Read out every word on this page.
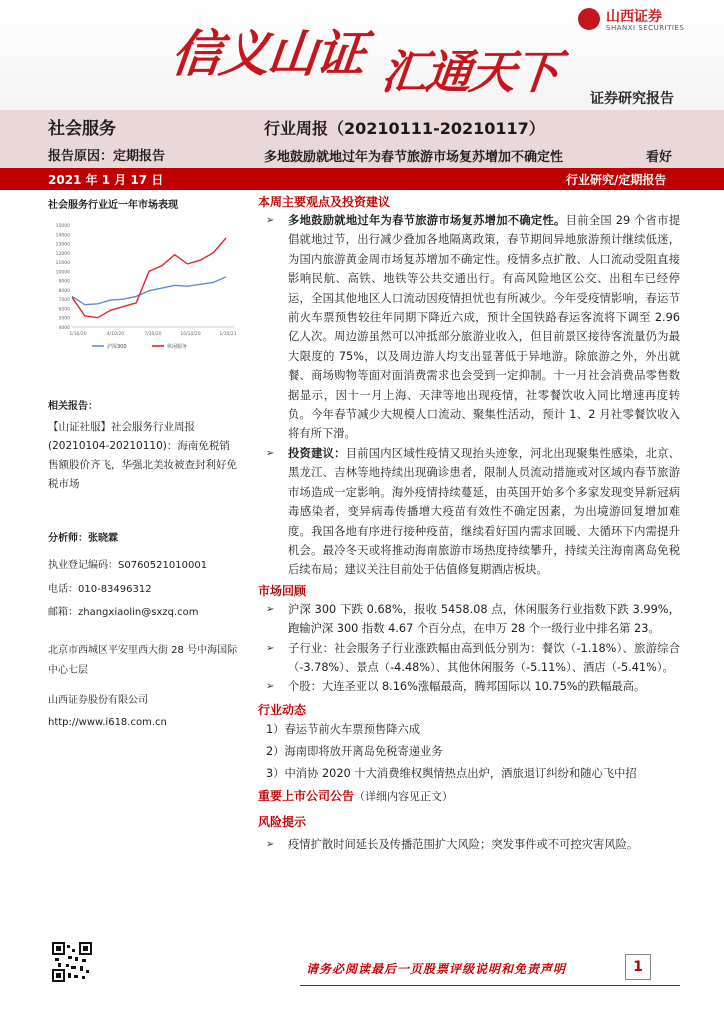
信义山证 汇通天下
山西证券
SHANXI SECURITIES
证券研究报告
社会服务
报告原因：定期报告
行业周报（20210111-20210117）
多地鼓励就地过年为春节旅游市场复苏增加不确定性	看好
2021 年 1 月 17 日	行业研究/定期报告
社会服务行业近一年市场表现
4000
5000
6000
7000
8000
9000
10000
11000
12000
13000
14000
15000
1/10/20	4/10/20	7/10/20	10/10/20	1/10/21
沪深300	休闲服务
相关报告：
【山证社服】社会服务行业周报(20210104-20210110)：海南免税销售额股价齐飞，华强北美妆被查封利好免税市场
分析师：张晓霖
执业登记编码：S0760521010001
电话：010-83496312
邮箱：zhangxiaolin@sxzq.com
北京市西城区平安里西大街 28 号中海国际中心七层
山西证券股份有限公司
http://www.i618.com.cn

本周主要观点及投资建议

➢ 多地鼓励就地过年为春节旅游市场复苏增加不确定性。目前全国 29 个省市提倡就地过节，出行减少叠加各地隔离政策，春节期间异地旅游预计继续低迷，为国内旅游黄金周市场复苏增加不确定性。疫情多点扩散、人口流动受阻直接影响民航、高铁、地铁等公共交通出行。有高风险地区公交、出租车已经停运，全国其他地区人口流动因疫情担忧也有所减少。今年受疫情影响，春运节前火车票预售较往年同期下降近六成，预计全国铁路春运客流将下调至 2.96 亿人次。周边游虽然可以冲抵部分旅游业收入，但目前景区接待客流量仍为最大限度的 75%，以及周边游人均支出显著低于异地游。除旅游之外，外出就餐、商场购物等面对面消费需求也会受到一定抑制。十一月社会消费品零售数据显示，因十一月上海、天津等地出现疫情，社零餐饮收入同比增速再度转负。今年春节减少大规模人口流动、聚集性活动，预计 1、2 月社零餐饮收入将有所下滑。
➢ 投资建议：目前国内区域性疫情又现抬头迹象，河北出现聚集性感染，北京、黑龙江、吉林等地持续出现确诊患者，限制人员流动措施或对区域内春节旅游市场造成一定影响。海外疫情持续蔓延，由英国开始多个多家发现变异新冠病毒感染者，变异病毒传播增大疫苗有效性不确定因素，为出境游回复增加难度。我国各地有序进行接种疫苗，继续看好国内需求回暖、大循环下内需提升机会。最冷冬天或将推动海南旅游市场热度持续攀升，持续关注海南离岛免税后续布局；建议关注目前处于估值修复期酒店板块。

市场回顾

➢ 沪深 300 下跌 0.68%，报收 5458.08 点，休闲服务行业指数下跌 3.99%，跑输沪深 300 指数 4.67 个百分点，在申万 28 个一级行业中排名第 23。
➢ 子行业：社会服务子行业涨跌幅由高到低分别为：餐饮（-1.18%）、旅游综合（-3.78%）、景点（-4.48%）、其他休闲服务（-5.11%）、酒店（-5.41%）。
➢ 个股：大连圣亚以 8.16%涨幅最高，腾邦国际以 10.75%的跌幅最高。

行业动态

1）春运节前火车票预售降六成
2）海南即将放开离岛免税寄递业务
3）中消协 2020 十大消费维权舆情热点出炉，酒旅退订纠纷和随心飞中招

重要上市公司公告（详细内容见正文）

风险提示

➢ 疫情扩散时间延长及传播范围扩大风险；突发事件或不可控灾害风险。
请务必阅读最后一页股票评级说明和免责声明	1
